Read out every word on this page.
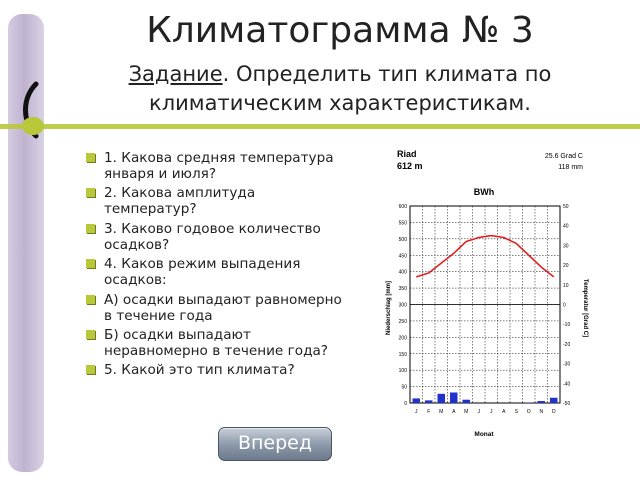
Климатограмма № 3
Задание. Определить тип климата по климатическим характеристикам.
1. Какова средняя температура января и июля?
2. Какова амплитуда температур?
3. Каково годовое количество осадков?
4. Каков режим выпадения осадков:
А) осадки выпадают равномерно в течение года
Б) осадки выпадают неравномерно в течение года?
5. Какой это тип климата?
Riad
612 m
25.6 Grad C
118 mm
BWh
Monat
Niederschlag [mm]	Temperatur [Grad C]
0
50
100
150
200
250
300
350
400
450
500
550
600
-50
-40
-30
-20
-10
0
10
20
30
40
50
J F M A M J J A S O N D
Вперед
